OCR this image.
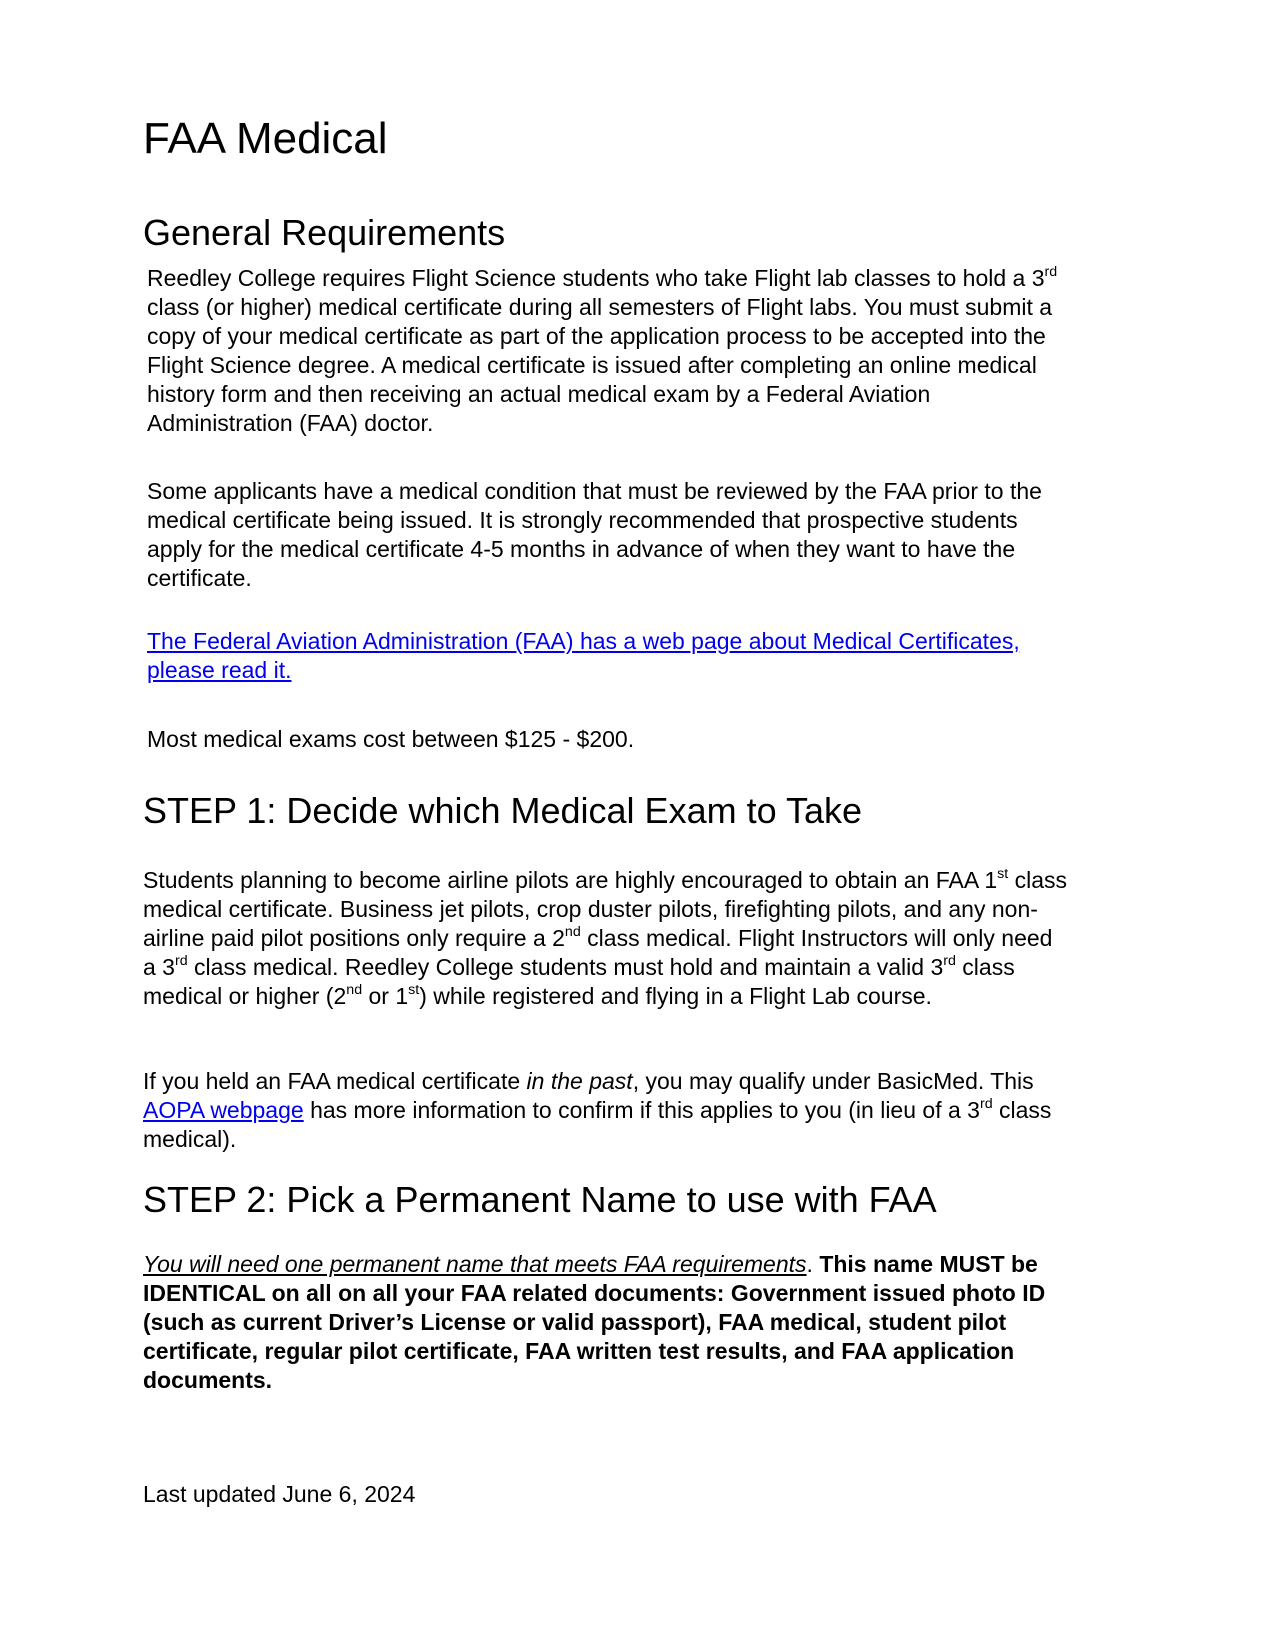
FAA Medical
General Requirements

Reedley College requires Flight Science students who take Flight lab classes to hold a 3rd class (or higher) medical certificate during all semesters of Flight labs. You must submit a copy of your medical certificate as part of the application process to be accepted into the Flight Science degree. A medical certificate is issued after completing an online medical history form and then receiving an actual medical exam by a Federal Aviation Administration (FAA) doctor.

Some applicants have a medical condition that must be reviewed by the FAA prior to the medical certificate being issued. It is strongly recommended that prospective students apply for the medical certificate 4-5 months in advance of when they want to have the certificate.

The Federal Aviation Administration (FAA) has a web page about Medical Certificates, please read it.

Most medical exams cost between $125 - $200.

STEP 1: Decide which Medical Exam to Take

Students planning to become airline pilots are highly encouraged to obtain an FAA 1st class medical certificate. Business jet pilots, crop duster pilots, firefighting pilots, and any non-airline paid pilot positions only require a 2nd class medical. Flight Instructors will only need a 3rd class medical. Reedley College students must hold and maintain a valid 3rd class medical or higher (2nd or 1st) while registered and flying in a Flight Lab course.

If you held an FAA medical certificate in the past, you may qualify under BasicMed. This AOPA webpage has more information to confirm if this applies to you (in lieu of a 3rd class medical).

STEP 2: Pick a Permanent Name to use with FAA

You will need one permanent name that meets FAA requirements. This name MUST be IDENTICAL on all on all your FAA related documents: Government issued photo ID (such as current Driver’s License or valid passport), FAA medical, student pilot certificate, regular pilot certificate, FAA written test results, and FAA application documents.

Last updated June 6, 2024
